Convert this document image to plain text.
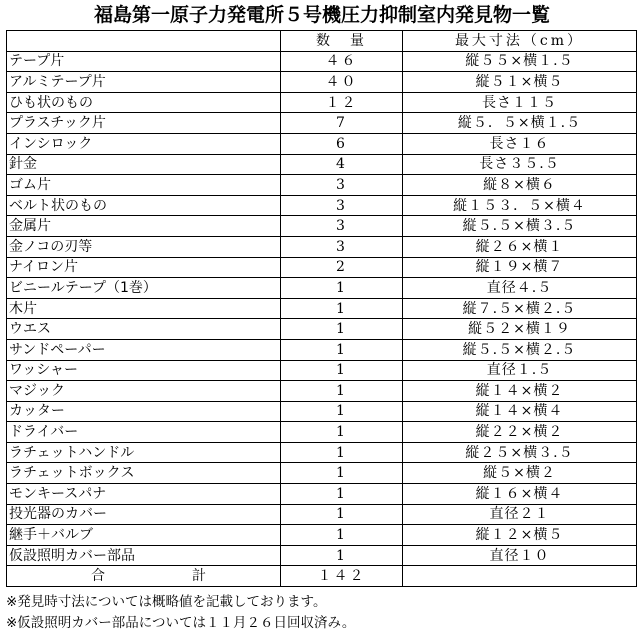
福島第一原子力発電所５号機圧力抑制室内発見物一覧
	数　量	最大寸法（cm）
テープ片	４６	縦５５×横１.５
アルミテープ片	４０	縦５１×横５
ひも状のもの	１２	長さ１１５
プラスチック片	7	縦５．５×横１.５
インシロック	6	長さ１６
針金	4	長さ３５.５
ゴム片	3	縦８×横６
ベルト状のもの	3	縦１５３．５×横４
金属片	3	縦５.５×横３.５
金ノコの刃等	3	縦２６×横１
ナイロン片	2	縦１９×横７
ビニールテープ（1巻）	1	直径４.５
木片	1	縦７.５×横２.５
ウエス	1	縦５２×横１９
サンドペーパー	1	縦５.５×横２.５
ワッシャー	1	直径１.５
マジック	1	縦１４×横２
カッター	1	縦１４×横４
ドライバー	1	縦２２×横２
ラチェットハンドル	1	縦２５×横３.５
ラチェットボックス	1	縦５×横２
モンキースパナ	1	縦１６×横４
投光器のカバー	1	直径２１
継手＋バルブ	1	縦１２×横５
仮設照明カバー部品	1	直径１０

合 計	１４２	
※発見時寸法については概略値を記載しております。
※仮設照明カバー部品については１１月２６日回収済み。
